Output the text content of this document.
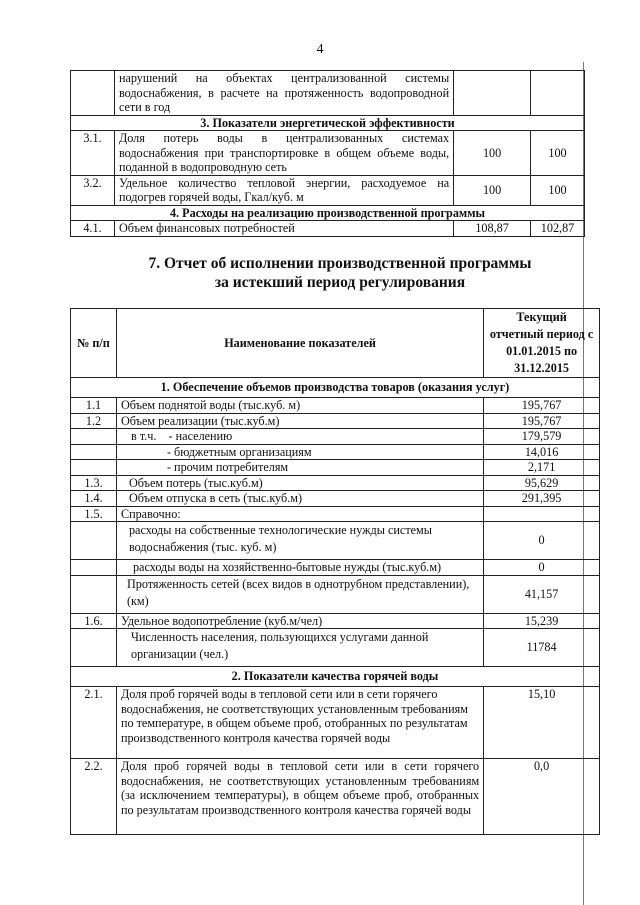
4
	нарушений на объектах централизованной системы водоснабжения, в расчете на протяженность водопроводной сети в год		
3. Показатели энергетической эффективности			
3.1.	Доля потерь воды в централизованных системах водоснабжения при транспортировке в общем объеме воды, поданной в водопроводную сеть	100	100
3.2.	Удельное количество тепловой энергии, расходуемое на подогрев горячей воды, Гкал/куб. м	100	100
4. Расходы на реализацию производственной программы			
4.1.	Объем финансовых потребностей	108,87	102,87
7. Отчет об исполнении производственной программы
за истекший период регулирования
№ п/п	Наименование показателей	Текущий отчетный период с 01.01.2015 по 31.12.2015
1. Обеспечение объемов производства товаров (оказания услуг)		
1.1	Объем поднятой воды (тыс.куб. м)	195,767
1.2	Объем реализации (тыс.куб.м)	195,767
	в т.ч.    - населению	179,579
	- бюджетным организациям	14,016
	- прочим потребителям	2,171
1.3.	Объем потерь (тыс.куб.м)	95,629
1.4.	Объем отпуска в сеть (тыс.куб.м)	291,395
1.5.	Справочно:	
	расходы на собственные технологические нужды системы водоснабжения (тыс. куб. м)	0
	расходы воды на хозяйственно-бытовые нужды (тыс.куб.м)	0
	Протяженность сетей (всех видов в однотрубном представлении), (км)	41,157
1.6.	Удельное водопотребление (куб.м/чел)	15,239
	Численность населения, пользующихся услугами данной организации (чел.)	11784
2. Показатели качества горячей воды		
2.1.	Доля проб горячей воды в тепловой сети или в сети горячего водоснабжения, не соответствующих установленным требованиям по температуре, в общем объеме проб, отобранных по результатам производственного контроля качества горячей воды	15,10
2.2.	Доля проб горячей воды в тепловой сети или в сети горячего водоснабжения, не соответствующих установленным требованиям (за исключением температуры), в общем объеме проб, отобранных по результатам производственного контроля качества горячей воды	0,0
